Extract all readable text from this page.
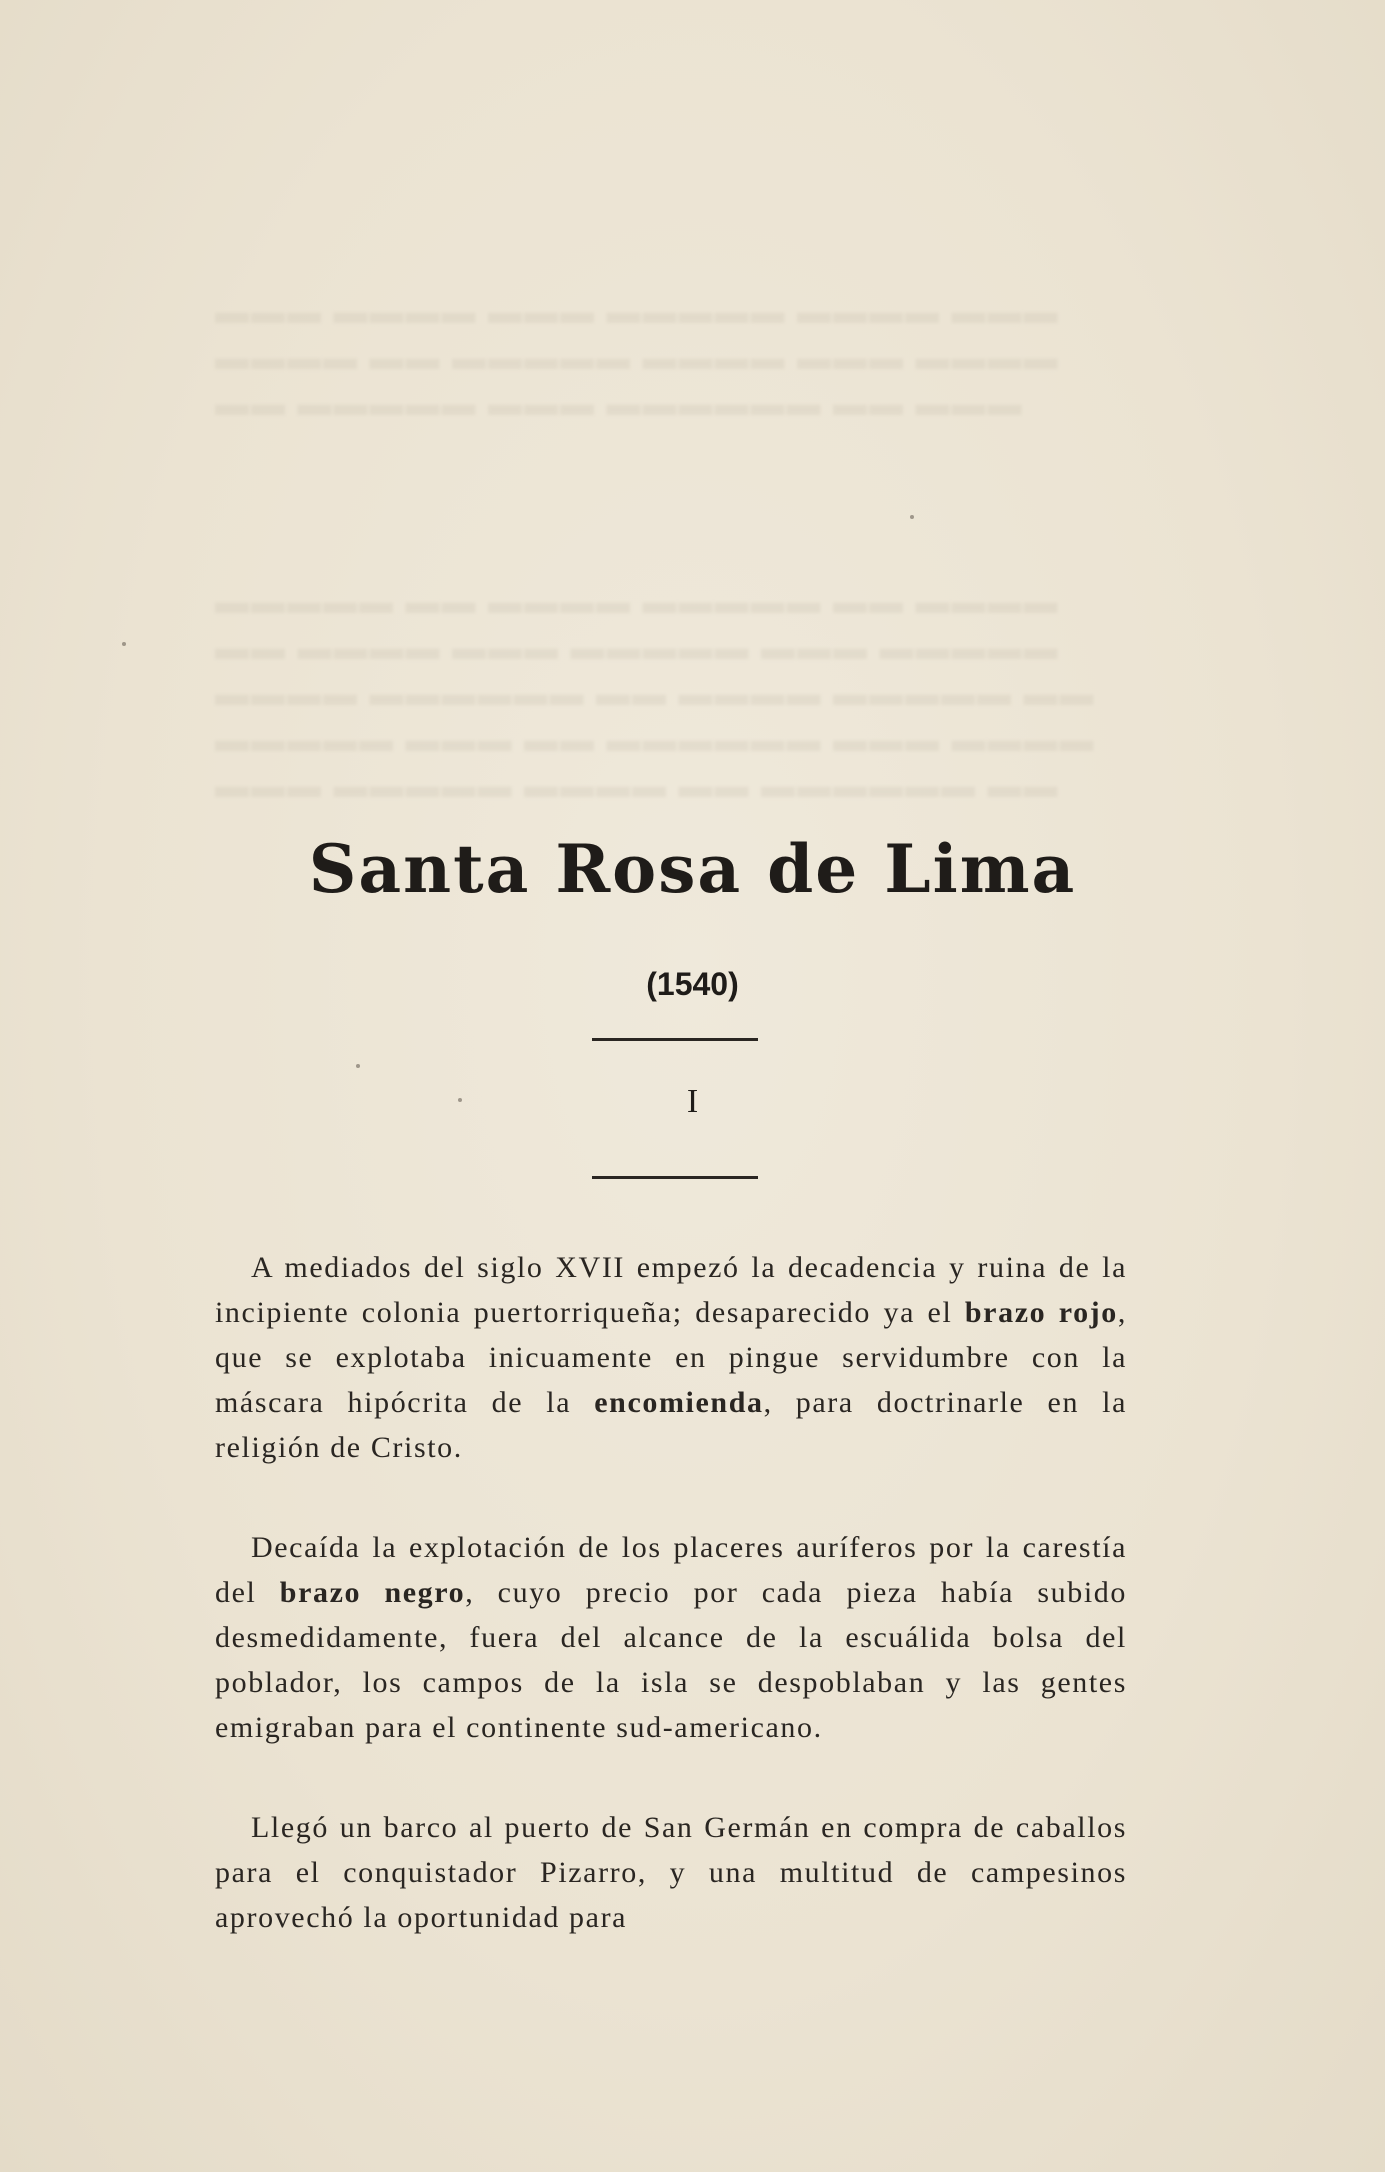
▬▬▬ ▬▬▬▬ ▬▬▬ ▬▬▬▬▬ ▬▬▬▬ ▬▬▬
▬▬▬▬ ▬▬ ▬▬▬▬▬ ▬▬▬▬ ▬▬▬ ▬▬▬▬
▬▬ ▬▬▬▬▬ ▬▬▬ ▬▬▬▬▬▬ ▬▬ ▬▬▬
▬▬▬▬▬ ▬▬ ▬▬▬▬ ▬▬▬▬▬ ▬▬ ▬▬▬▬
▬▬ ▬▬▬▬ ▬▬▬ ▬▬▬▬▬ ▬▬▬ ▬▬▬▬▬
▬▬▬▬ ▬▬▬▬▬▬ ▬▬ ▬▬▬▬ ▬▬▬▬▬ ▬▬
▬▬▬▬▬ ▬▬▬ ▬▬ ▬▬▬▬▬▬ ▬▬▬ ▬▬▬▬
▬▬▬ ▬▬▬▬▬ ▬▬▬▬ ▬▬ ▬▬▬▬▬▬ ▬▬
Santa Rosa de Lima
(1540)
I

A mediados del siglo XVII empezó la decadencia y ruina de la incipiente colonia puertorriqueña; desaparecido ya el brazo rojo, que se explotaba inicuamente en pingue servidumbre con la máscara hipócrita de la encomienda, para doctrinarle en la religión de Cristo.

Decaída la explotación de los placeres auríferos por la carestía del brazo negro, cuyo precio por cada pieza había subido desmedidamente, fuera del alcance de la escuálida bolsa del poblador, los campos de la isla se despoblaban y las gentes emigraban para el continente sud-americano.

Llegó un barco al puerto de San Germán en compra de caballos para el conquistador Pizarro, y una multitud de campesinos aprovechó la oportunidad para
